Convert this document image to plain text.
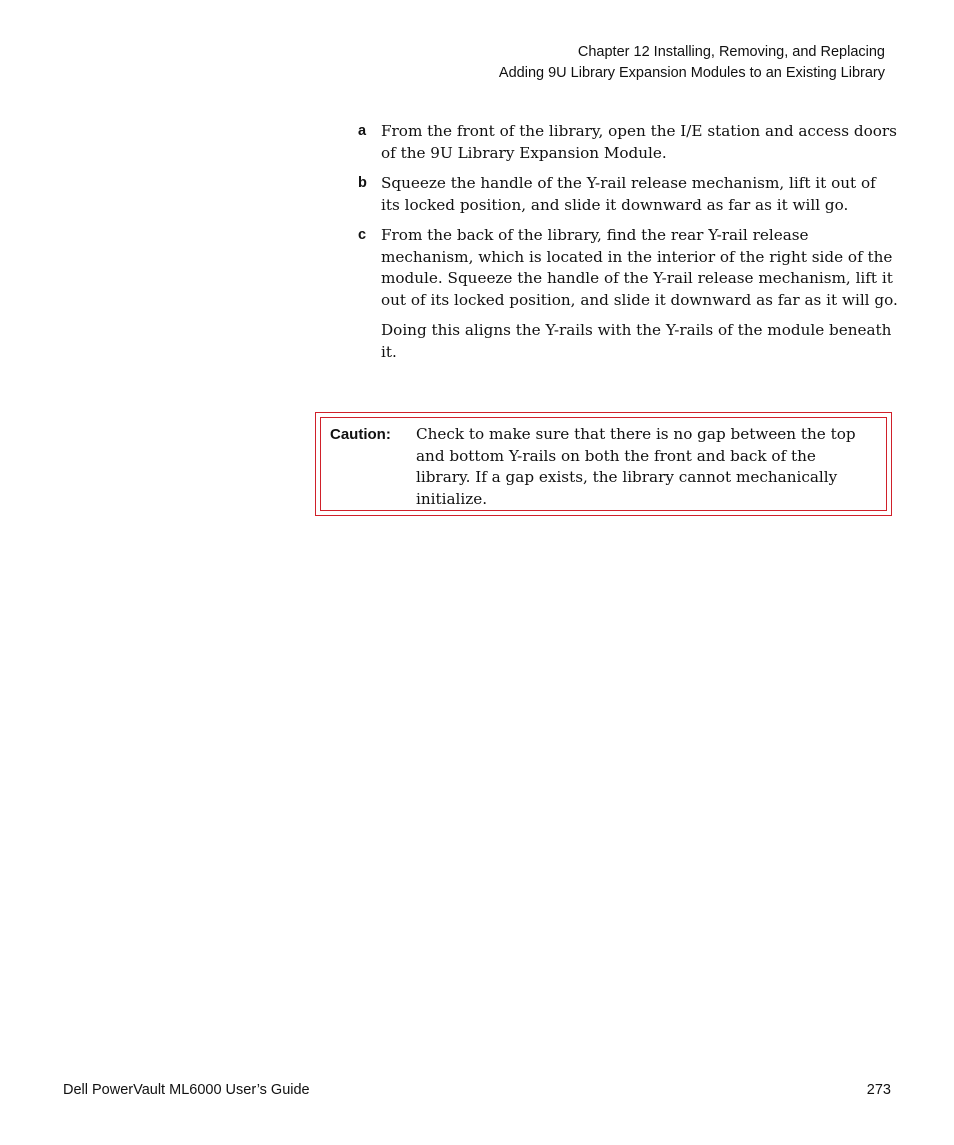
Chapter 12 Installing, Removing, and Replacing
Adding 9U Library Expansion Modules to an Existing Library
a From the front of the library, open the I/E station and access doors of the 9U Library Expansion Module.
b Squeeze the handle of the Y-rail release mechanism, lift it out of its locked position, and slide it downward as far as it will go.
c From the back of the library, find the rear Y-rail release mechanism, which is located in the interior of the right side of the module. Squeeze the handle of the Y-rail release mechanism, lift it out of its locked position, and slide it downward as far as it will go.
Doing this aligns the Y-rails with the Y-rails of the module beneath it.
Caution:	Check to make sure that there is no gap between the top and bottom Y-rails on both the front and back of the library. If a gap exists, the library cannot mechanically initialize.
Dell PowerVault ML6000 User’s Guide	273
